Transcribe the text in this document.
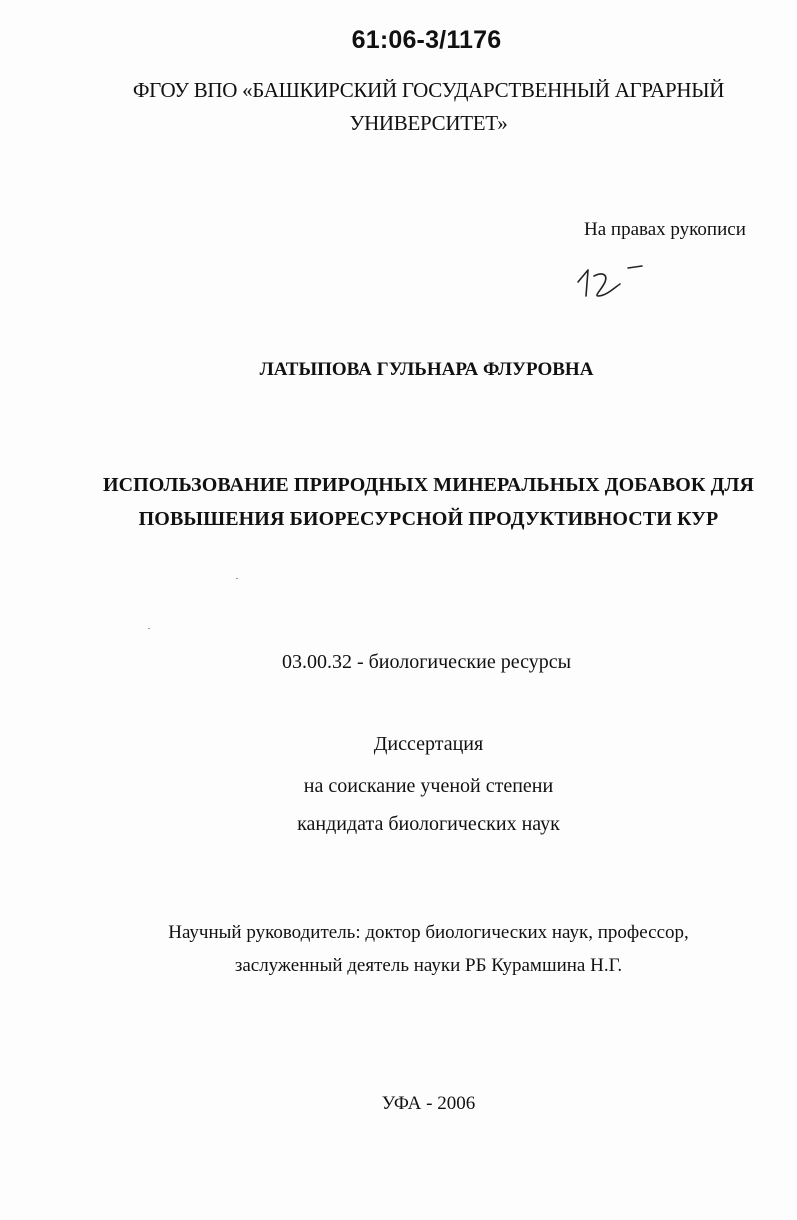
61:06-3/1176
ФГОУ ВПО «БАШКИРСКИЙ ГОСУДАРСТВЕННЫЙ АГРАРНЫЙ
УНИВЕРСИТЕТ»
На правах рукописи
ЛАТЫПОВА ГУЛЬНАРА ФЛУРОВНА
ИСПОЛЬЗОВАНИЕ ПРИРОДНЫХ МИНЕРАЛЬНЫХ ДОБАВОК ДЛЯ
ПОВЫШЕНИЯ БИОРЕСУРСНОЙ ПРОДУКТИВНОСТИ КУР
03.00.32 - биологические ресурсы
Диссертация
на соискание ученой степени
кандидата биологических наук
Научный руководитель: доктор биологических наук, профессор,
заслуженный деятель науки РБ Курамшина Н.Г.
УФА - 2006
